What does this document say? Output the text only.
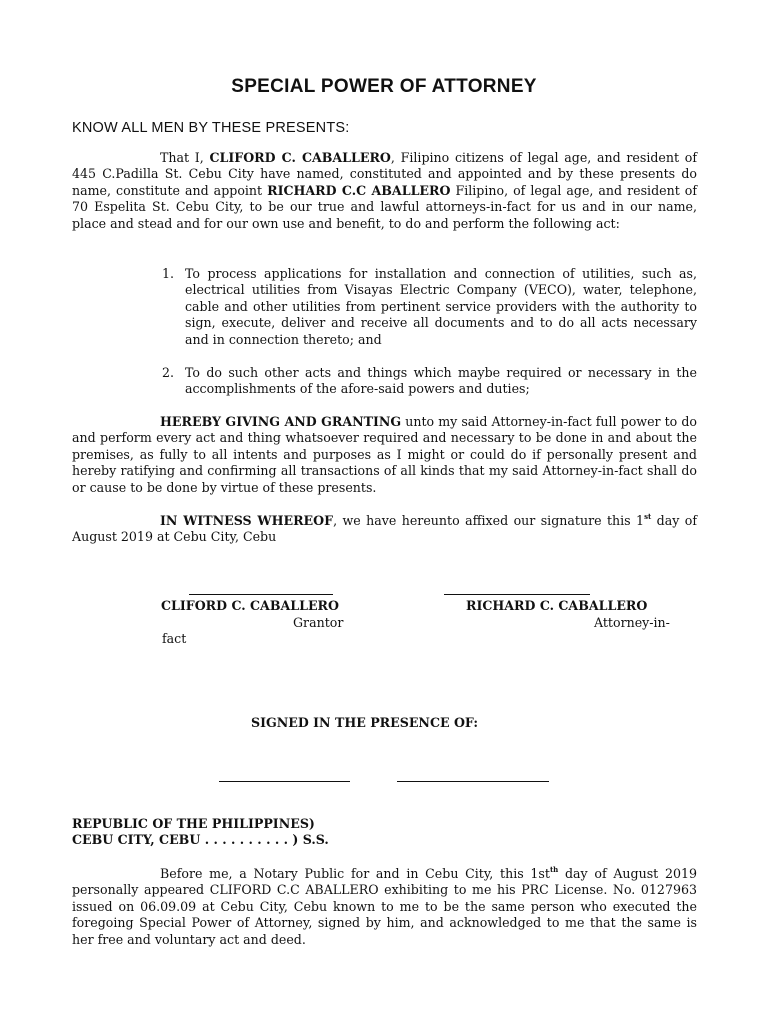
SPECIAL POWER OF ATTORNEY
KNOW ALL MEN BY THESE PRESENTS:
That I, CLIFORD C. CABALLERO, Filipino citizens of legal age, and resident of 445 C.Padilla St. Cebu City have named, constituted and appointed and by these presents do name, constitute and appoint RICHARD C.C ABALLERO Filipino, of legal age, and resident of 70 Espelita St. Cebu City, to be our true and lawful attorneys-in-fact for us and in our name, place and stead and for our own use and benefit, to do and perform the following act:
1. To process applications for installation and connection of utilities, such as, electrical utilities from Visayas Electric Company (VECO), water, telephone, cable and other utilities from pertinent service providers with the authority to sign, execute, deliver and receive all documents and to do all acts necessary and in connection thereto; and
2. To do such other acts and things which maybe required or necessary in the accomplishments of the afore-said powers and duties;
HEREBY GIVING AND GRANTING unto my said Attorney-in-fact full power to do and perform every act and thing whatsoever required and necessary to be done in and about the premises, as fully to all intents and purposes as I might or could do if personally present and hereby ratifying and confirming all transactions of all kinds that my said Attorney-in-fact shall do or cause to be done by virtue of these presents.
IN WITNESS WHEREOF, we have hereunto affixed our signature this 1st day of August 2019 at Cebu City, Cebu
CLIFORD C. CABALLERO	RICHARD C. CABALLERO
Grantor	Attorney-in-
fact
SIGNED IN THE PRESENCE OF:
REPUBLIC OF THE PHILIPPINES)
CEBU CITY, CEBU . . . . . . . . . . ) S.S.
Before me, a Notary Public for and in Cebu City, this $1st^{th}$ day of August 2019 personally appeared CLIFORD C.C ABALLERO exhibiting to me his PRC License. No. 0127963 issued on 06.09.09 at Cebu City, Cebu known to me to be the same person who executed the foregoing Special Power of Attorney, signed by him, and acknowledged to me that the same is her free and voluntary act and deed.
